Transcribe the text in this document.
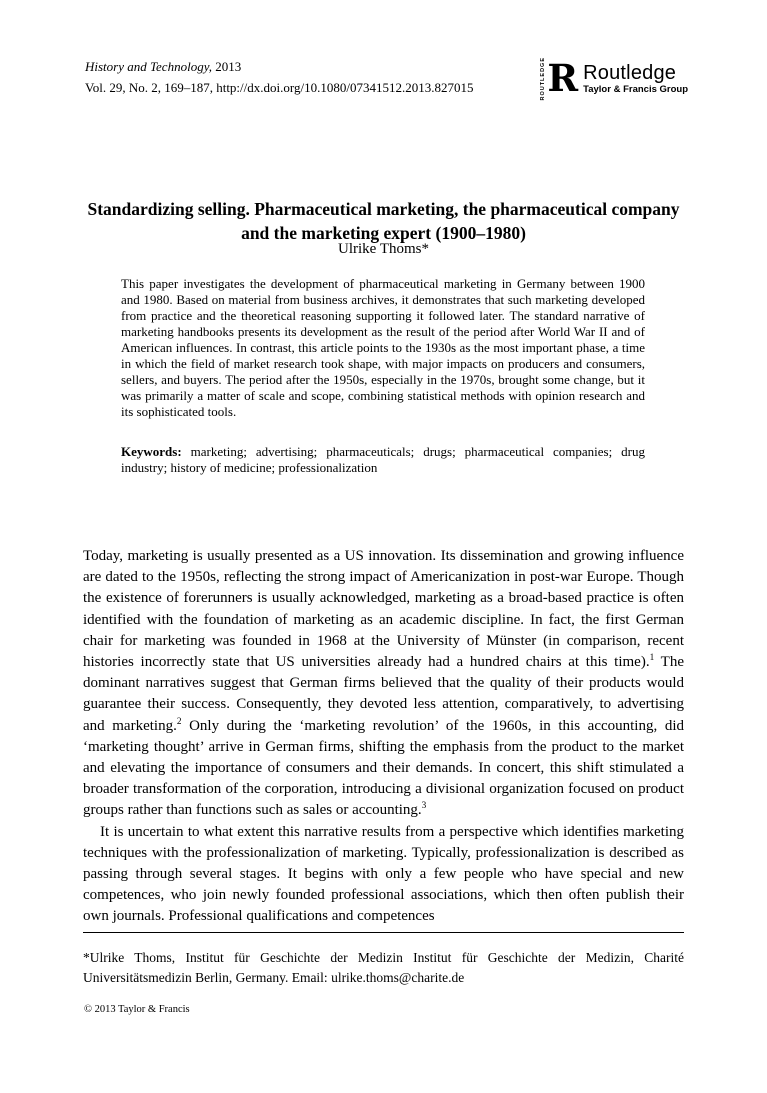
History and Technology, 2013
Vol. 29, No. 2, 169–187, http://dx.doi.org/10.1080/07341512.2013.827015	ROUTLEDGE R Routledge
Taylor & Francis Group
Standardizing selling. Pharmaceutical marketing, the pharmaceutical company and the marketing expert (1900–1980)
Ulrike Thoms*
This paper investigates the development of pharmaceutical marketing in Germany between 1900 and 1980. Based on material from business archives, it demonstrates that such marketing developed from practice and the theoretical reasoning supporting it followed later. The standard narrative of marketing handbooks presents its development as the result of the period after World War II and of American influences. In contrast, this article points to the 1930s as the most important phase, a time in which the field of market research took shape, with major impacts on producers and consumers, sellers, and buyers. The period after the 1950s, especially in the 1970s, brought some change, but it was primarily a matter of scale and scope, combining statistical methods with opinion research and its sophisticated tools.
Keywords: marketing; advertising; pharmaceuticals; drugs; pharmaceutical companies; drug industry; history of medicine; professionalization

Today, marketing is usually presented as a US innovation. Its dissemination and growing influence are dated to the 1950s, reflecting the strong impact of Americanization in post-war Europe. Though the existence of forerunners is usually acknowledged, marketing as a broad-based practice is often identified with the foundation of marketing as an academic discipline. In fact, the first German chair for marketing was founded in 1968 at the University of Münster (in comparison, recent histories incorrectly state that US universities already had a hundred chairs at this time).$^1$ The dominant narratives suggest that German firms believed that the quality of their products would guarantee their success. Consequently, they devoted less attention, comparatively, to advertising and marketing.$^2$ Only during the ‘marketing revolution’ of the 1960s, in this accounting, did ‘marketing thought’ arrive in German firms, shifting the emphasis from the product to the market and elevating the importance of consumers and their demands. In concert, this shift stimulated a broader transformation of the corporation, introducing a divisional organization focused on product groups rather than functions such as sales or accounting.$^3$

It is uncertain to what extent this narrative results from a perspective which identifies marketing techniques with the professionalization of marketing. Typically, professionalization is described as passing through several stages. It begins with only a few people who have special and new competences, who join newly founded professional associations, which then often publish their own journals. Professional qualifications and competences

*Ulrike Thoms, Institut für Geschichte der Medizin Institut für Geschichte der Medizin, Charité Universitätsmedizin Berlin, Germany. Email: ulrike.thoms@charite.de
© 2013 Taylor & Francis
